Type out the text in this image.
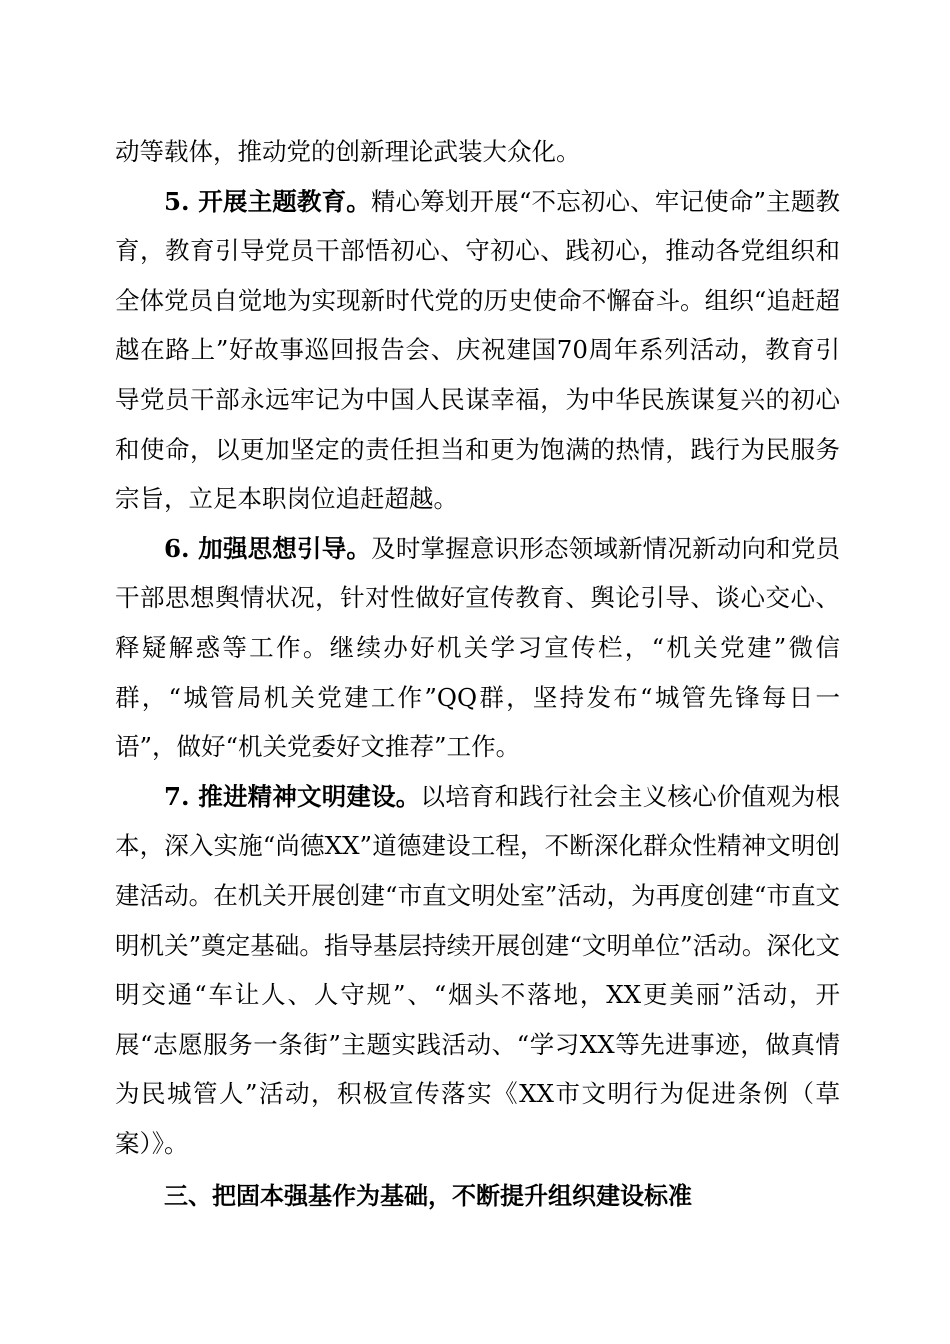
动等载体，推动党的创新理论武装大众化。

5. 开展主题教育。精心筹划开展“不忘初心、牢记使命”主题教育，教育引导党员干部悟初心、守初心、践初心，推动各党组织和全体党员自觉地为实现新时代党的历史使命不懈奋斗。组织“追赶超越在路上”好故事巡回报告会、庆祝建国70周年系列活动，教育引导党员干部永远牢记为中国人民谋幸福，为中华民族谋复兴的初心和使命，以更加坚定的责任担当和更为饱满的热情，践行为民服务宗旨，立足本职岗位追赶超越。

6. 加强思想引导。及时掌握意识形态领域新情况新动向和党员干部思想舆情状况，针对性做好宣传教育、舆论引导、谈心交心、释疑解惑等工作。继续办好机关学习宣传栏，“机关党建”微信群，“城管局机关党建工作”QQ群，坚持发布“城管先锋每日一语”，做好“机关党委好文推荐”工作。

7. 推进精神文明建设。以培育和践行社会主义核心价值观为根本，深入实施“尚德XX”道德建设工程，不断深化群众性精神文明创建活动。在机关开展创建“市直文明处室”活动，为再度创建“市直文明机关”奠定基础。指导基层持续开展创建“文明单位”活动。深化文明交通“车让人、人守规”、“烟头不落地，XX更美丽”活动，开展“志愿服务一条街”主题实践活动、“学习XX等先进事迹，做真情为民城管人”活动，积极宣传落实《XX市文明行为促进条例（草案）》。

三、把固本强基作为基础，不断提升组织建设标准
